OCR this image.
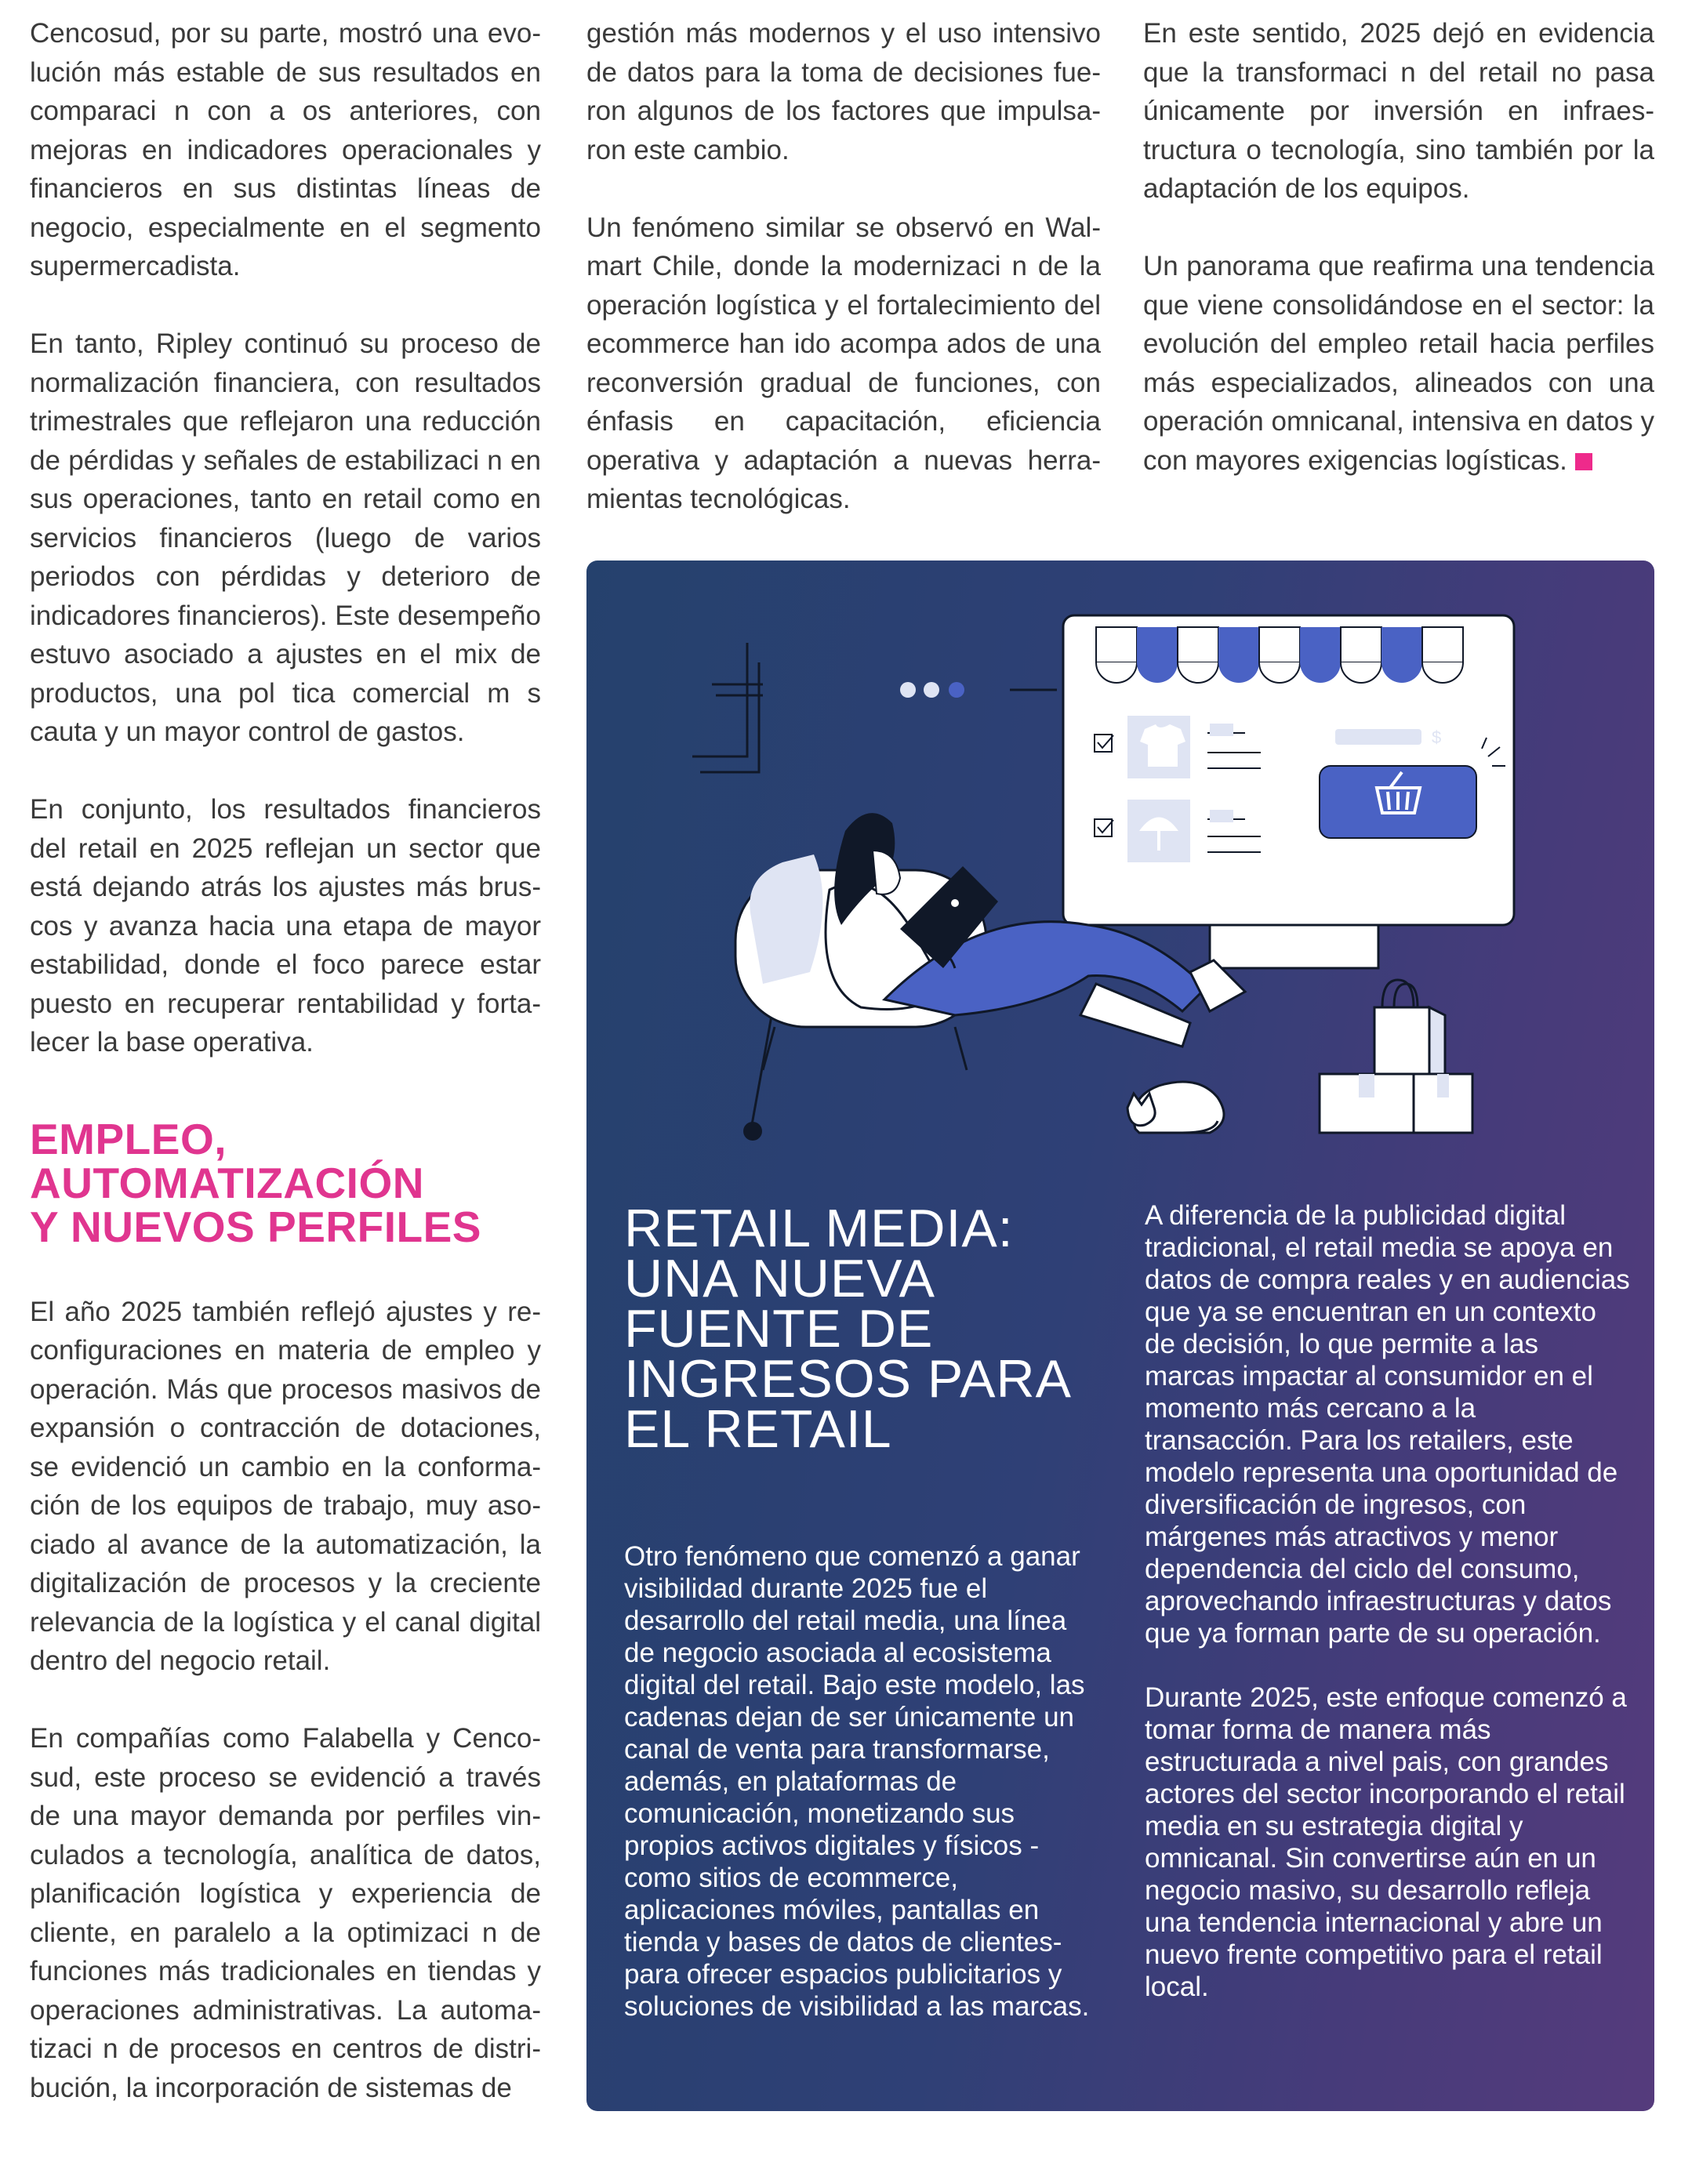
Cencosud, por su parte, mostró una evolución más estable de sus resultados en comparaci n con a os anteriores, con mejoras en indicadores operacionales y financieros en sus distintas líneas de negocio, especialmente en el segmento supermercadista.

En tanto, Ripley continuó su proceso de normalización financiera, con resultados trimestrales que reflejaron una reducción de pérdidas y señales de estabilizaci n en sus operaciones, tanto en retail como en servicios financieros (luego de varios periodos con pérdidas y deterioro de indicadores financieros). Este desempeño estuvo asociado a ajustes en el mix de productos, una pol tica comercial m s cauta y un mayor control de gastos.

En conjunto, los resultados financieros del retail en 2025 reflejan un sector que está dejando atrás los ajustes más bruscos y avanza hacia una etapa de mayor estabilidad, donde el foco parece estar puesto en recuperar rentabilidad y fortalecer la base operativa.

EMPLEO,
AUTOMATIZACIÓN
Y NUEVOS PERFILES

El año 2025 también reflejó ajustes y reconfiguraciones en materia de empleo y operación. Más que procesos masivos de expansión o contracción de dotaciones, se evidenció un cambio en la conformación de los equipos de trabajo, muy asociado al avance de la automatización, la digitalización de procesos y la creciente relevancia de la logística y el canal digital dentro del negocio retail.

En compañías como Falabella y Cencosud, este proceso se evidenció a través de una mayor demanda por perfiles vinculados a tecnología, analítica de datos, planificación logística y experiencia de cliente, en paralelo a la optimizaci n de funciones más tradicionales en tiendas y operaciones administrativas. La automatizaci n de procesos en centros de distribución, la incorporación de sistemas de

gestión más modernos y el uso intensivo de datos para la toma de decisiones fueron algunos de los factores que impulsaron este cambio.

Un fenómeno similar se observó en Walmart Chile, donde la modernizaci n de la operación logística y el fortalecimiento del ecommerce han ido acompa ados de una reconversión gradual de funciones, con énfasis en capacitación, eficiencia operativa y adaptación a nuevas herramientas tecnológicas.

En este sentido, 2025 dejó en evidencia que la transformaci n del retail no pasa únicamente por inversión en infraestructura o tecnología, sino también por la adaptación de los equipos.

Un panorama que reafirma una tendencia que viene consolidándose en el sector: la evolución del empleo retail hacia perfiles más especializados, alineados con una operación omnicanal, intensiva en datos y con mayores exigencias logísticas.

$
RETAIL MEDIA: UNA NUEVA FUENTE DE INGRESOS PARA EL RETAIL

Otro fenómeno que comenzó a ganar visibilidad durante 2025 fue el desarrollo del retail media, una línea de negocio asociada al ecosistema digital del retail. Bajo este modelo, las cadenas dejan de ser únicamente un canal de venta para transformarse, además, en plataformas de comunicación, monetizando sus propios activos digitales y físicos -como sitios de ecommerce, aplicaciones móviles, pantallas en tienda y bases de datos de clientes- para ofrecer espacios publicitarios y soluciones de visibilidad a las marcas.

A diferencia de la publicidad digital tradicional, el retail media se apoya en datos de compra reales y en audiencias que ya se encuentran en un contexto de decisión, lo que permite a las marcas impactar al consumidor en el momento más cercano a la transacción. Para los retailers, este modelo representa una oportunidad de diversificación de ingresos, con márgenes más atractivos y menor dependencia del ciclo del consumo, aprovechando infraestructuras y datos que ya forman parte de su operación.

Durante 2025, este enfoque comenzó a tomar forma de manera más estructurada a nivel pais, con grandes actores del sector incorporando el retail media en su estrategia digital y omnicanal. Sin convertirse aún en un negocio masivo, su desarrollo refleja una tendencia internacional y abre un nuevo frente competitivo para el retail local.
